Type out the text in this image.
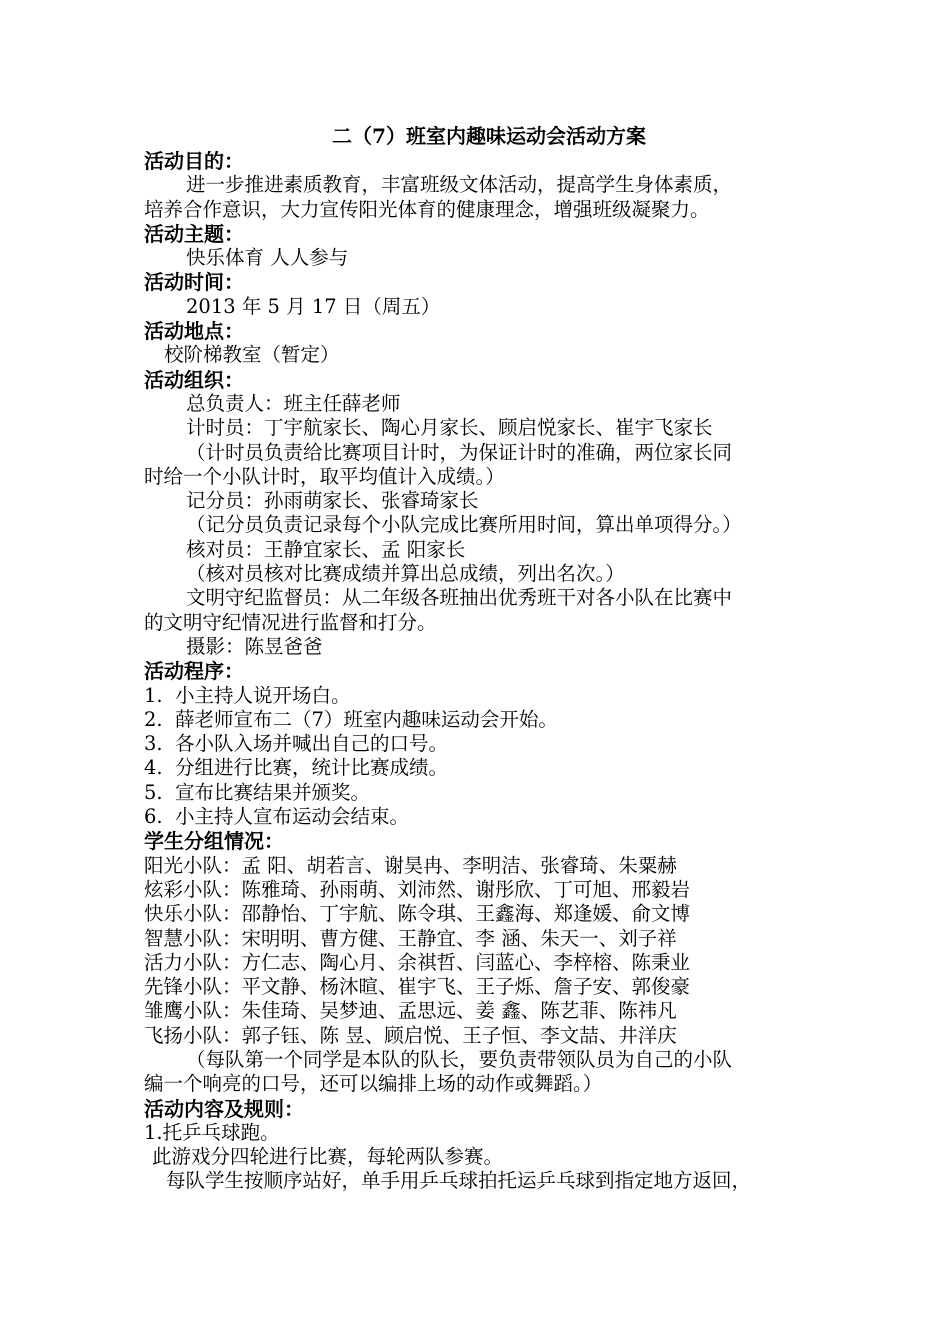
二（7）班室内趣味运动会活动方案
活动目的：
进一步推进素质教育，丰富班级文体活动，提高学生身体素质，
培养合作意识，大力宣传阳光体育的健康理念，增强班级凝聚力。
活动主题：
快乐体育 人人参与
活动时间：
2013 年 5 月 17 日（周五）
活动地点：
校阶梯教室（暂定）
活动组织：
总负责人：班主任薛老师
计时员：丁宇航家长、陶心月家长、顾启悦家长、崔宇飞家长
（计时员负责给比赛项目计时，为保证计时的准确，两位家长同
时给一个小队计时，取平均值计入成绩。）
记分员：孙雨萌家长、张睿琦家长
（记分员负责记录每个小队完成比赛所用时间，算出单项得分。）
核对员：王静宜家长、孟 阳家长
（核对员核对比赛成绩并算出总成绩，列出名次。）
文明守纪监督员：从二年级各班抽出优秀班干对各小队在比赛中
的文明守纪情况进行监督和打分。
摄影：陈昱爸爸
活动程序：
1.  小主持人说开场白。
2.  薛老师宣布二（7）班室内趣味运动会开始。
3.  各小队入场并喊出自己的口号。
4.  分组进行比赛，统计比赛成绩。
5.  宣布比赛结果并颁奖。
6.  小主持人宣布运动会结束。
学生分组情况：
阳光小队：孟 阳、胡若言、谢昊冉、李明洁、张睿琦、朱粟赫
炫彩小队：陈雅琦、孙雨萌、刘沛然、谢彤欣、丁可旭、邢毅岩
快乐小队：邵静怡、丁宇航、陈令琪、王鑫海、郑逢媛、俞文博
智慧小队：宋明明、曹方健、王静宜、李 涵、朱天一、刘子祥
活力小队：方仁志、陶心月、余祺哲、闫蓝心、李梓榕、陈秉业
先锋小队：平文静、杨沐暄、崔宇飞、王子烁、詹子安、郭俊豪
雏鹰小队：朱佳琦、吴梦迪、孟思远、姜 鑫、陈艺菲、陈祎凡
飞扬小队：郭子钰、陈 昱、顾启悦、王子恒、李文喆、井洋庆
（每队第一个同学是本队的队长，要负责带领队员为自己的小队
编一个响亮的口号，还可以编排上场的动作或舞蹈。）
活动内容及规则：
1.托乒乓球跑。
此游戏分四轮进行比赛，每轮两队参赛。
每队学生按顺序站好，单手用乒乓球拍托运乒乓球到指定地方返回，
